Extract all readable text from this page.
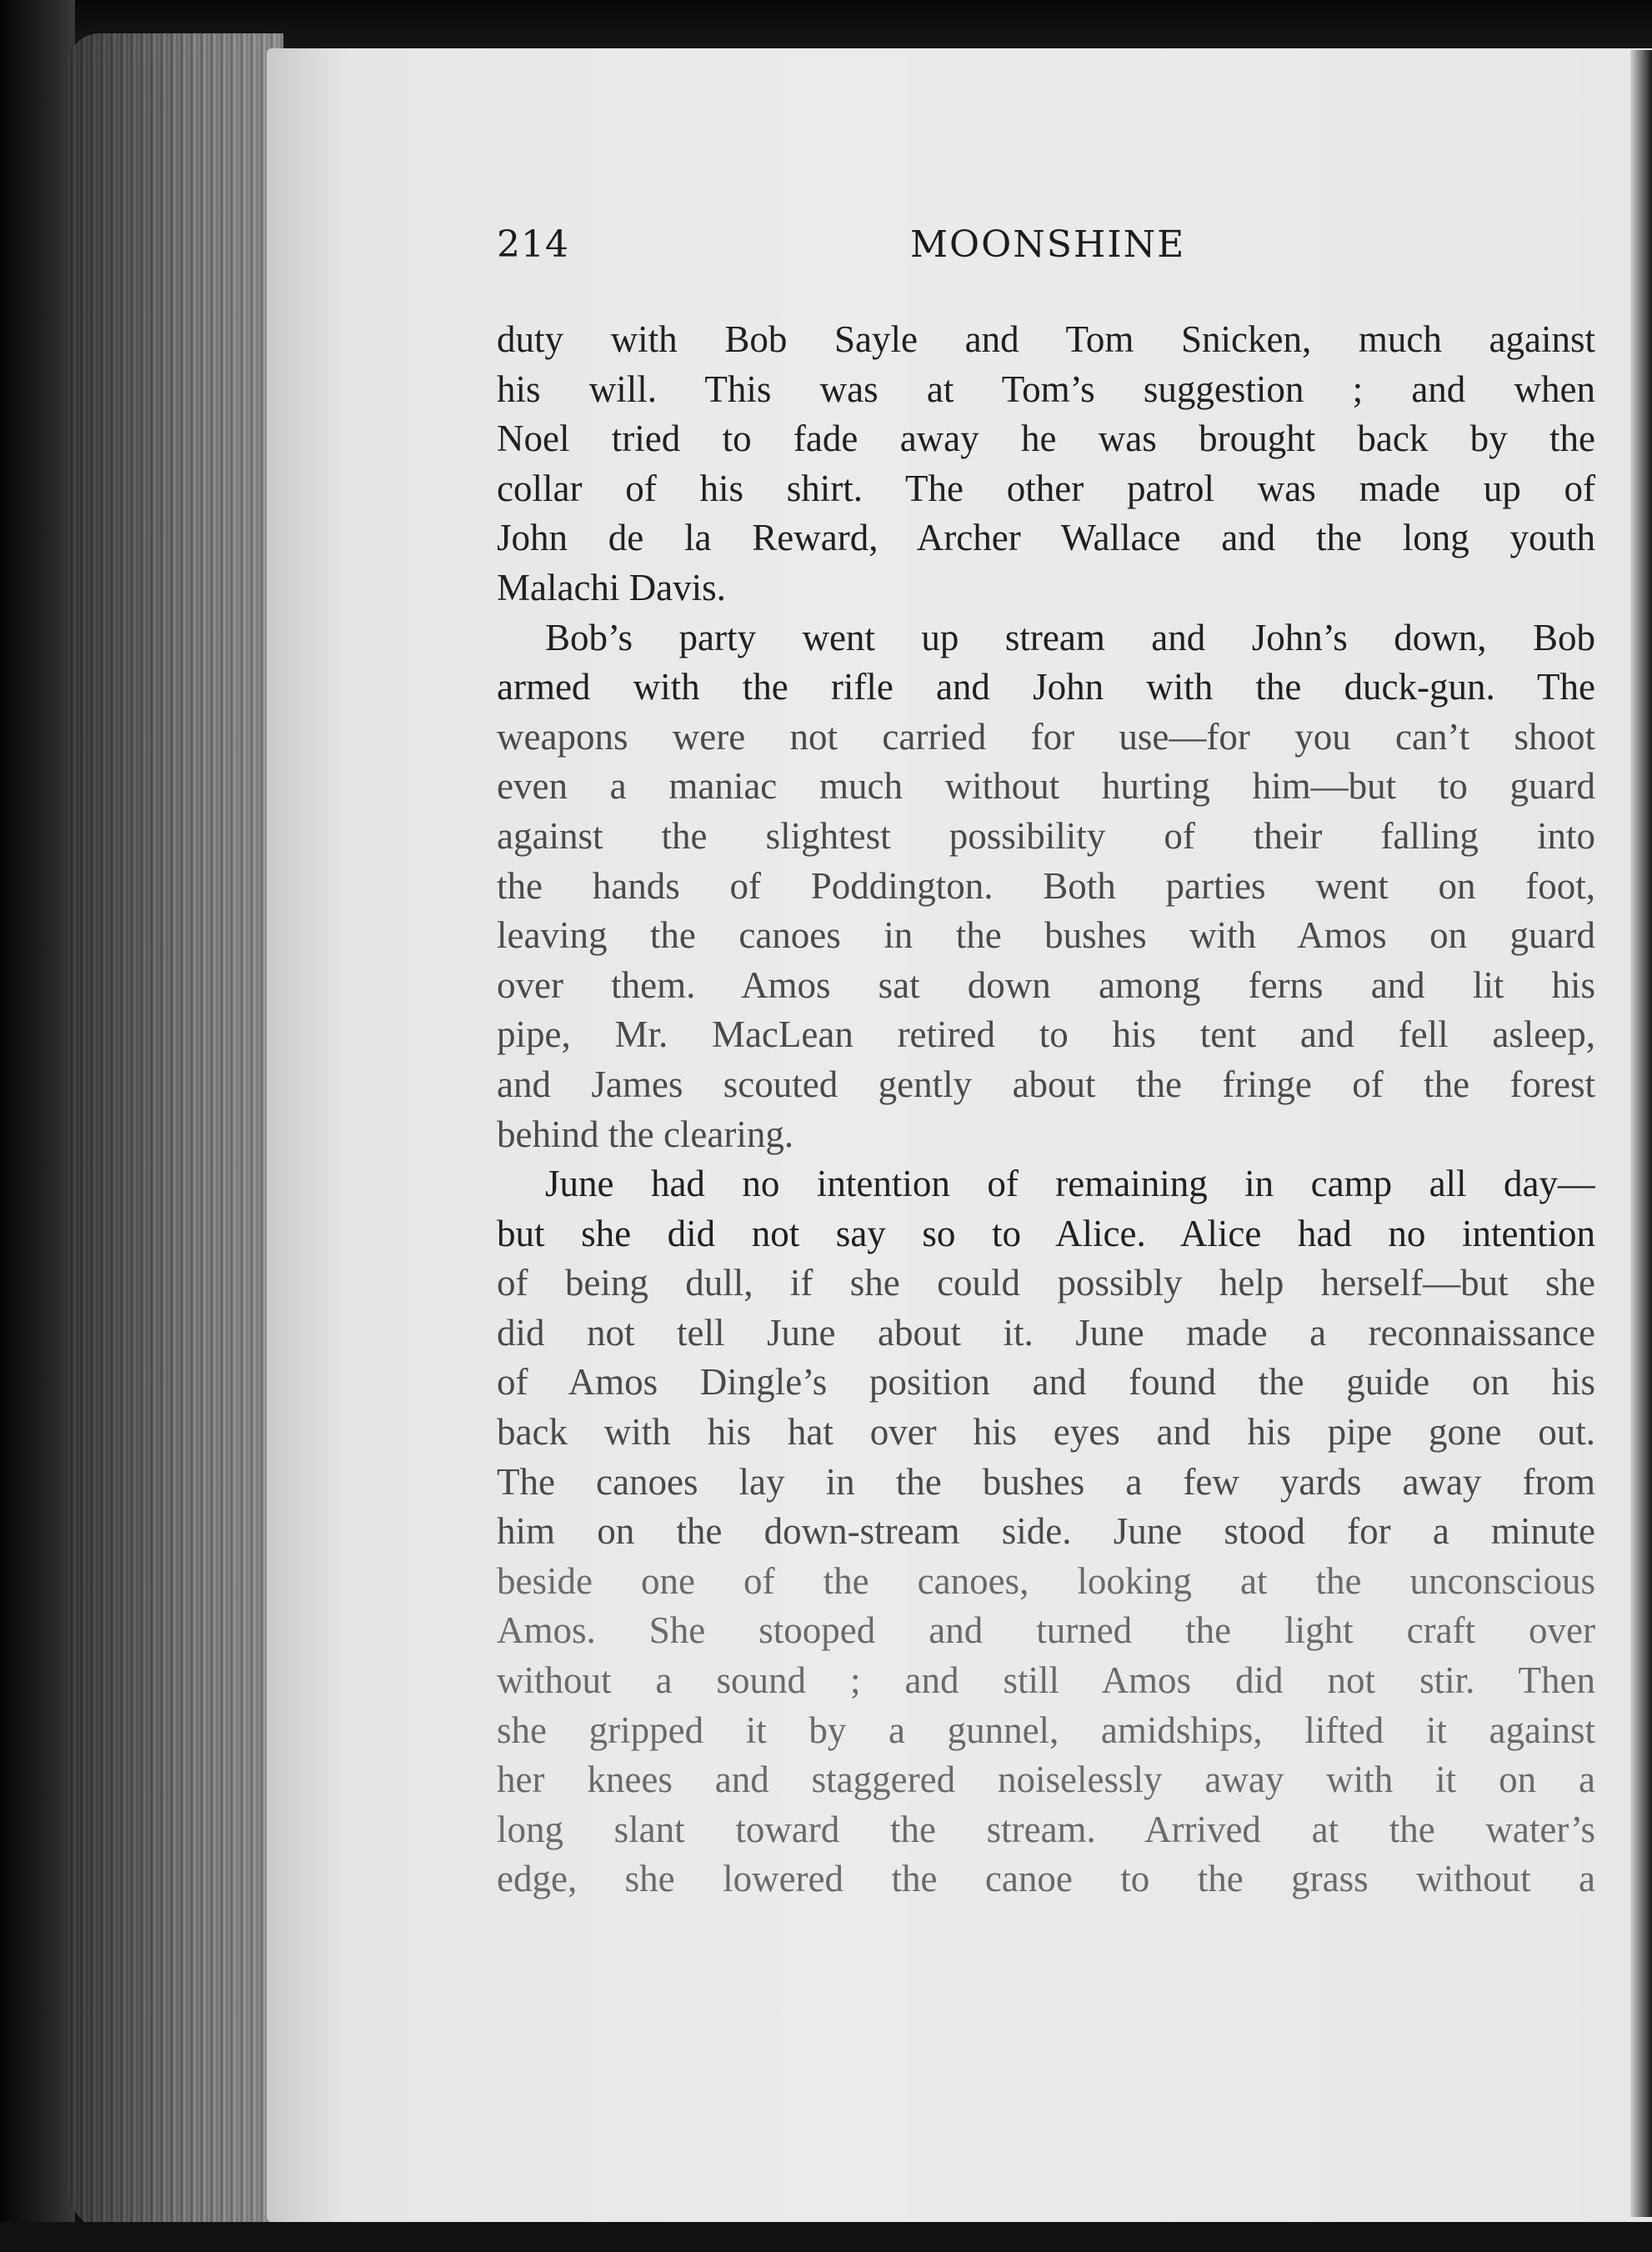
214	MOONSHINE
duty with Bob Sayle and Tom Snicken, much against
his will. This was at Tom’s suggestion ; and when
Noel tried to fade away he was brought back by the
collar of his shirt. The other patrol was made up of
John de la Reward, Archer Wallace and the long youth
Malachi Davis.
Bob’s party went up stream and John’s down, Bob
armed with the rifle and John with the duck-gun. The
weapons were not carried for use—for you can’t shoot
even a maniac much without hurting him—but to guard
against the slightest possibility of their falling into
the hands of Poddington. Both parties went on foot,
leaving the canoes in the bushes with Amos on guard
over them. Amos sat down among ferns and lit his
pipe, Mr. MacLean retired to his tent and fell asleep,
and James scouted gently about the fringe of the forest
behind the clearing.
June had no intention of remaining in camp all day—
but she did not say so to Alice. Alice had no intention
of being dull, if she could possibly help herself—but she
did not tell June about it. June made a reconnaissance
of Amos Dingle’s position and found the guide on his
back with his hat over his eyes and his pipe gone out.
The canoes lay in the bushes a few yards away from
him on the down-stream side. June stood for a minute
beside one of the canoes, looking at the unconscious
Amos. She stooped and turned the light craft over
without a sound ; and still Amos did not stir. Then
she gripped it by a gunnel, amidships, lifted it against
her knees and staggered noiselessly away with it on a
long slant toward the stream. Arrived at the water’s
edge, she lowered the canoe to the grass without a
